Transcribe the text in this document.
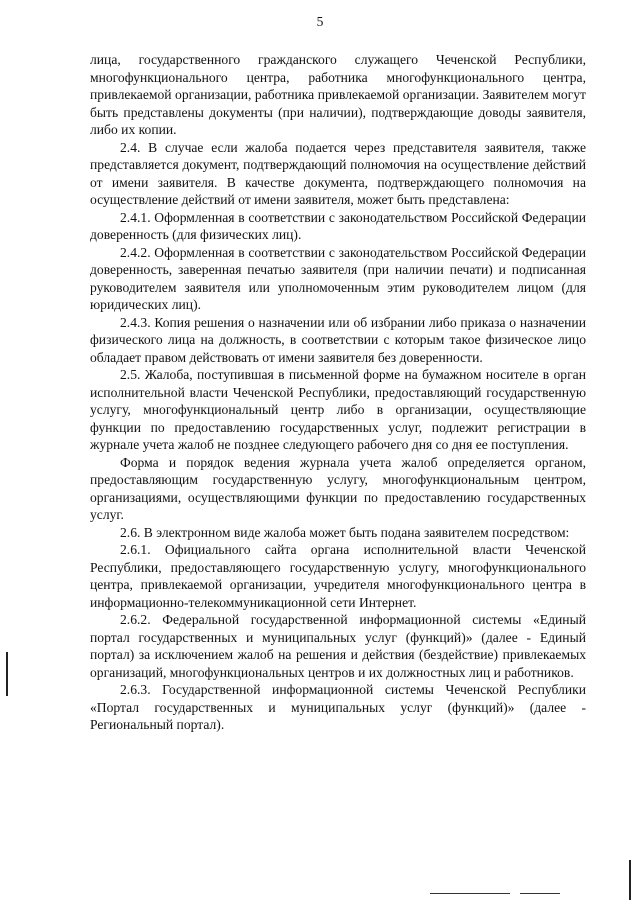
5

лица, государственного гражданского служащего Чеченской Республики, многофункционального центра, работника многофункционального центра, привлекаемой организации, работника привлекаемой организации. Заявителем могут быть представлены документы (при наличии), подтверждающие доводы заявителя, либо их копии.

2.4. В случае если жалоба подается через представителя заявителя, также представляется документ, подтверждающий полномочия на осуществление действий от имени заявителя. В качестве документа, подтверждающего полномочия на осуществление действий от имени заявителя, может быть представлена:

2.4.1. Оформленная в соответствии с законодательством Российской Федерации доверенность (для физических лиц).

2.4.2. Оформленная в соответствии с законодательством Российской Федерации доверенность, заверенная печатью заявителя (при наличии печати) и подписанная руководителем заявителя или уполномоченным этим руководителем лицом (для юридических лиц).

2.4.3. Копия решения о назначении или об избрании либо приказа о назначении физического лица на должность, в соответствии с которым такое физическое лицо обладает правом действовать от имени заявителя без доверенности.

2.5. Жалоба, поступившая в письменной форме на бумажном носителе в орган исполнительной власти Чеченской Республики, предоставляющий государственную услугу, многофункциональный центр либо в организации, осуществляющие функции по предоставлению государственных услуг, подлежит регистрации в журнале учета жалоб не позднее следующего рабочего дня со дня ее поступления.

Форма и порядок ведения журнала учета жалоб определяется органом, предоставляющим государственную услугу, многофункциональным центром, организациями, осуществляющими функции по предоставлению государственных услуг.

2.6. В электронном виде жалоба может быть подана заявителем посредством:

2.6.1. Официального сайта органа исполнительной власти Чеченской Республики, предоставляющего государственную услугу, многофункционального центра, привлекаемой организации, учредителя многофункционального центра в информационно-телекоммуникационной сети Интернет.

2.6.2. Федеральной государственной информационной системы «Единый портал государственных и муниципальных услуг (функций)» (далее - Единый портал) за исключением жалоб на решения и действия (бездействие) привлекаемых организаций, многофункциональных центров и их должностных лиц и работников.

2.6.3. Государственной информационной системы Чеченской Республики «Портал государственных и муниципальных услуг (функций)» (далее - Региональный портал).
